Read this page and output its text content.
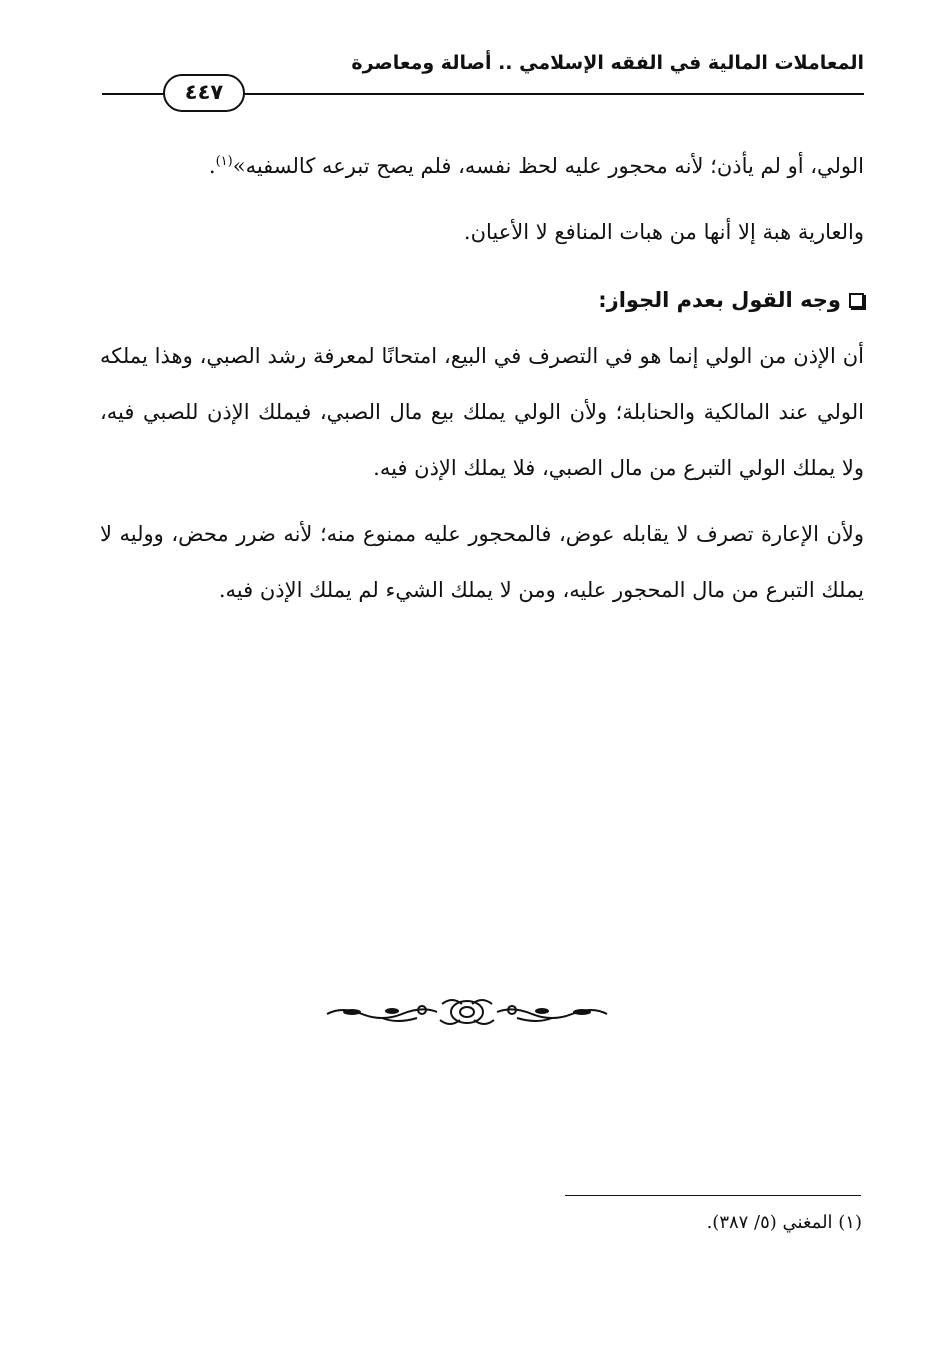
المعاملات المالية في الفقه الإسلامي .. أصالة ومعاصرة
٤٤٧

الولي، أو لم يأذن؛ لأنه محجور عليه لحظ نفسه، فلم يصح تبرعه كالسفيه»$^{(١)}$.

والعارية هبة إلا أنها من هبات المنافع لا الأعيان.

وجه القول بعدم الجواز:

أن الإذن من الولي إنما هو في التصرف في البيع، امتحانًا لمعرفة رشد الصبي، وهذا يملكه الولي عند المالكية والحنابلة؛ ولأن الولي يملك بيع مال الصبي، فيملك الإذن للصبي فيه، ولا يملك الولي التبرع من مال الصبي، فلا يملك الإذن فيه.

ولأن الإعارة تصرف لا يقابله عوض، فالمحجور عليه ممنوع منه؛ لأنه ضرر محض، ووليه لا يملك التبرع من مال المحجور عليه، ومن لا يملك الشيء لم يملك الإذن فيه.

(١) المغني (٥/ ٣٨٧).
